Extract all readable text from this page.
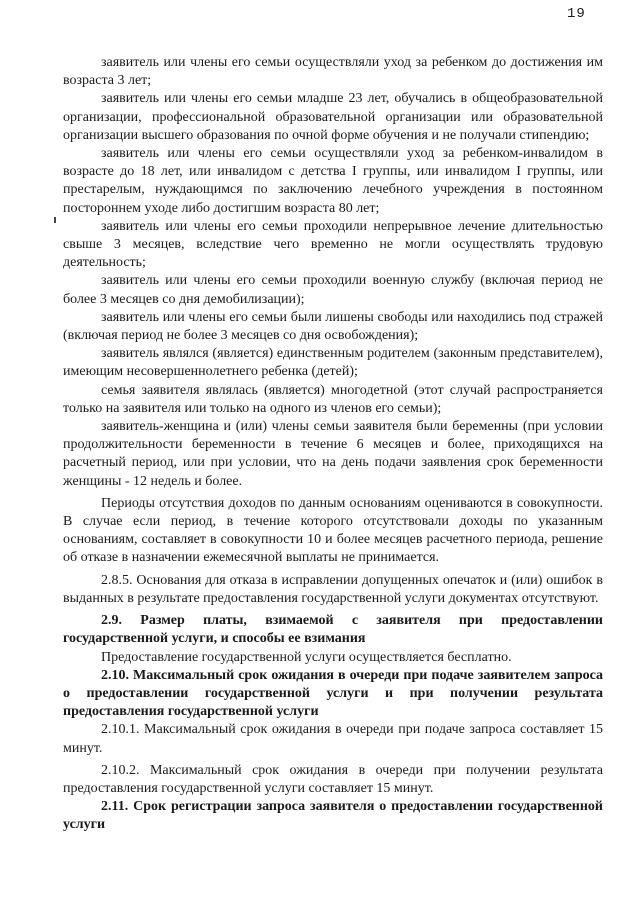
19

заявитель или члены его семьи осуществляли уход за ребенком до достижения им возраста 3 лет;

заявитель или члены его семьи младше 23 лет, обучались в общеобразовательной организации, профессиональной образовательной организации или образовательной организации высшего образования по очной форме обучения и не получали стипендию;

заявитель или члены его семьи осуществляли уход за ребенком-инвалидом в возрасте до 18 лет, или инвалидом с детства I группы, или инвалидом I группы, или престарелым, нуждающимся по заключению лечебного учреждения в постоянном постороннем уходе либо достигшим возраста 80 лет;

заявитель или члены его семьи проходили непрерывное лечение длительностью свыше 3 месяцев, вследствие чего временно не могли осуществлять трудовую деятельность;

заявитель или члены его семьи проходили военную службу (включая период не более 3 месяцев со дня демобилизации);

заявитель или члены его семьи были лишены свободы или находились под стражей (включая период не более 3 месяцев со дня освобождения);

заявитель являлся (является) единственным родителем (законным представителем), имеющим несовершеннолетнего ребенка (детей);

семья заявителя являлась (является) многодетной (этот случай распространяется только на заявителя или только на одного из членов его семьи);

заявитель-женщина и (или) члены семьи заявителя были беременны (при условии продолжительности беременности в течение 6 месяцев и более, приходящихся на расчетный период, или при условии, что на день подачи заявления срок беременности женщины - 12 недель и более.

Периоды отсутствия доходов по данным основаниям оцениваются в совокупности. В случае если период, в течение которого отсутствовали доходы по указанным основаниям, составляет в совокупности 10 и более месяцев расчетного периода, решение об отказе в назначении ежемесячной выплаты не принимается.

2.8.5. Основания для отказа в исправлении допущенных опечаток и (или) ошибок в выданных в результате предоставления государственной услуги документах отсутствуют.

2.9. Размер платы, взимаемой с заявителя при предоставлении государственной услуги, и способы ее взимания

Предоставление государственной услуги осуществляется бесплатно.

2.10. Максимальный срок ожидания в очереди при подаче заявителем запроса о предоставлении государственной услуги и при получении результата предоставления государственной услуги

2.10.1. Максимальный срок ожидания в очереди при подаче запроса составляет 15 минут.

2.10.2. Максимальный срок ожидания в очереди при получении результата предоставления государственной услуги составляет 15 минут.

2.11. Срок регистрации запроса заявителя о предоставлении государственной услуги
